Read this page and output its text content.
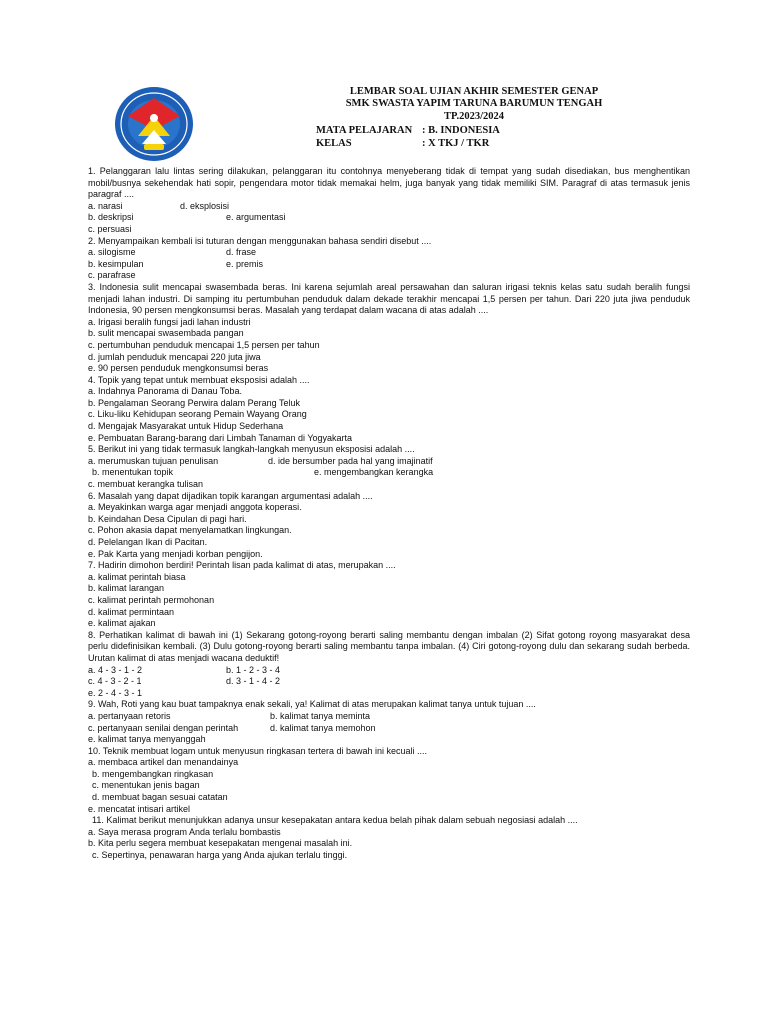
LEMBAR SOAL UJIAN AKHIR SEMESTER GENAP
SMK SWASTA YAPIM TARUNA BARUMUN TENGAH
TP.2023/2024
MATA PELAJARAN : B. INDONESIA
KELAS	: X TKJ / TKR
1. Pelanggaran lalu lintas sering dilakukan, pelanggaran itu contohnya menyeberang tidak di tempat yang sudah disediakan, bus menghentikan mobil/busnya sekehendak hati sopir, pengendara motor tidak memakai helm, juga banyak yang tidak memiliki SIM. Paragraf di atas termasuk jenis paragraf ....
a. narasi	d. eksplosisi
b. deskripsi	e. argumentasi
c. persuasi
2. Menyampaikan kembali isi tuturan dengan menggunakan bahasa sendiri disebut ....
a. silogisme	d. frase
b. kesimpulan	e. premis
c. parafrase
3. Indonesia sulit mencapai swasembada beras. Ini karena sejumlah areal persawahan dan saluran irigasi teknis kelas satu sudah beralih fungsi menjadi lahan industri. Di samping itu pertumbuhan penduduk dalam dekade terakhir mencapai 1,5 persen per tahun. Dari 220 juta jiwa penduduk Indonesia, 90 persen mengkonsumsi beras. Masalah yang terdapat dalam wacana di atas adalah ....
a. Irigasi beralih fungsi jadi lahan industri
b. sulit mencapai swasembada pangan
c. pertumbuhan penduduk mencapai 1,5 persen per tahun
d. jumlah penduduk mencapai 220 juta jiwa
e. 90 persen penduduk mengkonsumsi beras
4. Topik yang tepat untuk membuat eksposisi adalah ....
a. Indahnya Panorama di Danau Toba.
b. Pengalaman Seorang Perwira dalam Perang Teluk
c. Liku-liku Kehidupan seorang Pemain Wayang Orang
d. Mengajak Masyarakat untuk Hidup Sederhana
e. Pembuatan Barang-barang dari Limbah Tanaman di Yogyakarta
5. Berikut ini yang tidak termasuk langkah-langkah menyusun eksposisi adalah ....
a. merumuskan tujuan penulisan	d. ide bersumber pada hal yang imajinatif
b. menentukan topik	e. mengembangkan kerangka
c. membuat kerangka tulisan
6. Masalah yang dapat dijadikan topik karangan argumentasi adalah ....
a. Meyakinkan warga agar menjadi anggota koperasi.
b. Keindahan Desa Cipulan di pagi hari.
c. Pohon akasia dapat menyelamatkan lingkungan.
d. Pelelangan Ikan di Pacitan.
e. Pak Karta yang menjadi korban pengijon.
7. Hadirin dimohon berdiri! Perintah lisan pada kalimat di atas, merupakan ....
a. kalimat perintah biasa
b. kalimat larangan
c. kalimat perintah permohonan
d. kalimat permintaan
e. kalimat ajakan
8. Perhatikan kalimat di bawah ini (1) Sekarang gotong-royong berarti saling membantu dengan imbalan (2) Sifat gotong royong masyarakat desa perlu didefinisikan kembali. (3) Dulu gotong-royong berarti saling membantu tanpa imbalan. (4) Ciri gotong-royong dulu dan sekarang sudah berbeda. Urutan kalimat di atas menjadi wacana deduktif!
a. 4 - 3 - 1 - 2	b. 1 - 2 - 3 - 4
c. 4 - 3 - 2 - 1	d. 3 - 1 - 4 - 2
e. 2 - 4 - 3 - 1
9. Wah, Roti yang kau buat tampaknya enak sekali, ya! Kalimat di atas merupakan kalimat tanya untuk tujuan ....
a. pertanyaan retoris	b. kalimat tanya meminta
c. pertanyaan senilai dengan perintah	d. kalimat tanya memohon
e. kalimat tanya menyanggah
10. Teknik membuat logam untuk menyusun ringkasan tertera di bawah ini kecuali ....
a. membaca artikel dan menandainya
b. mengembangkan ringkasan
c. menentukan jenis bagan
d. membuat bagan sesuai catatan
e. mencatat intisari artikel
11. Kalimat berikut menunjukkan adanya unsur kesepakatan antara kedua belah pihak dalam sebuah negosiasi adalah ....
a. Saya merasa program Anda terlalu bombastis
b. Kita perlu segera membuat kesepakatan mengenai masalah ini.
c. Sepertinya, penawaran harga yang Anda ajukan terlalu tinggi.
